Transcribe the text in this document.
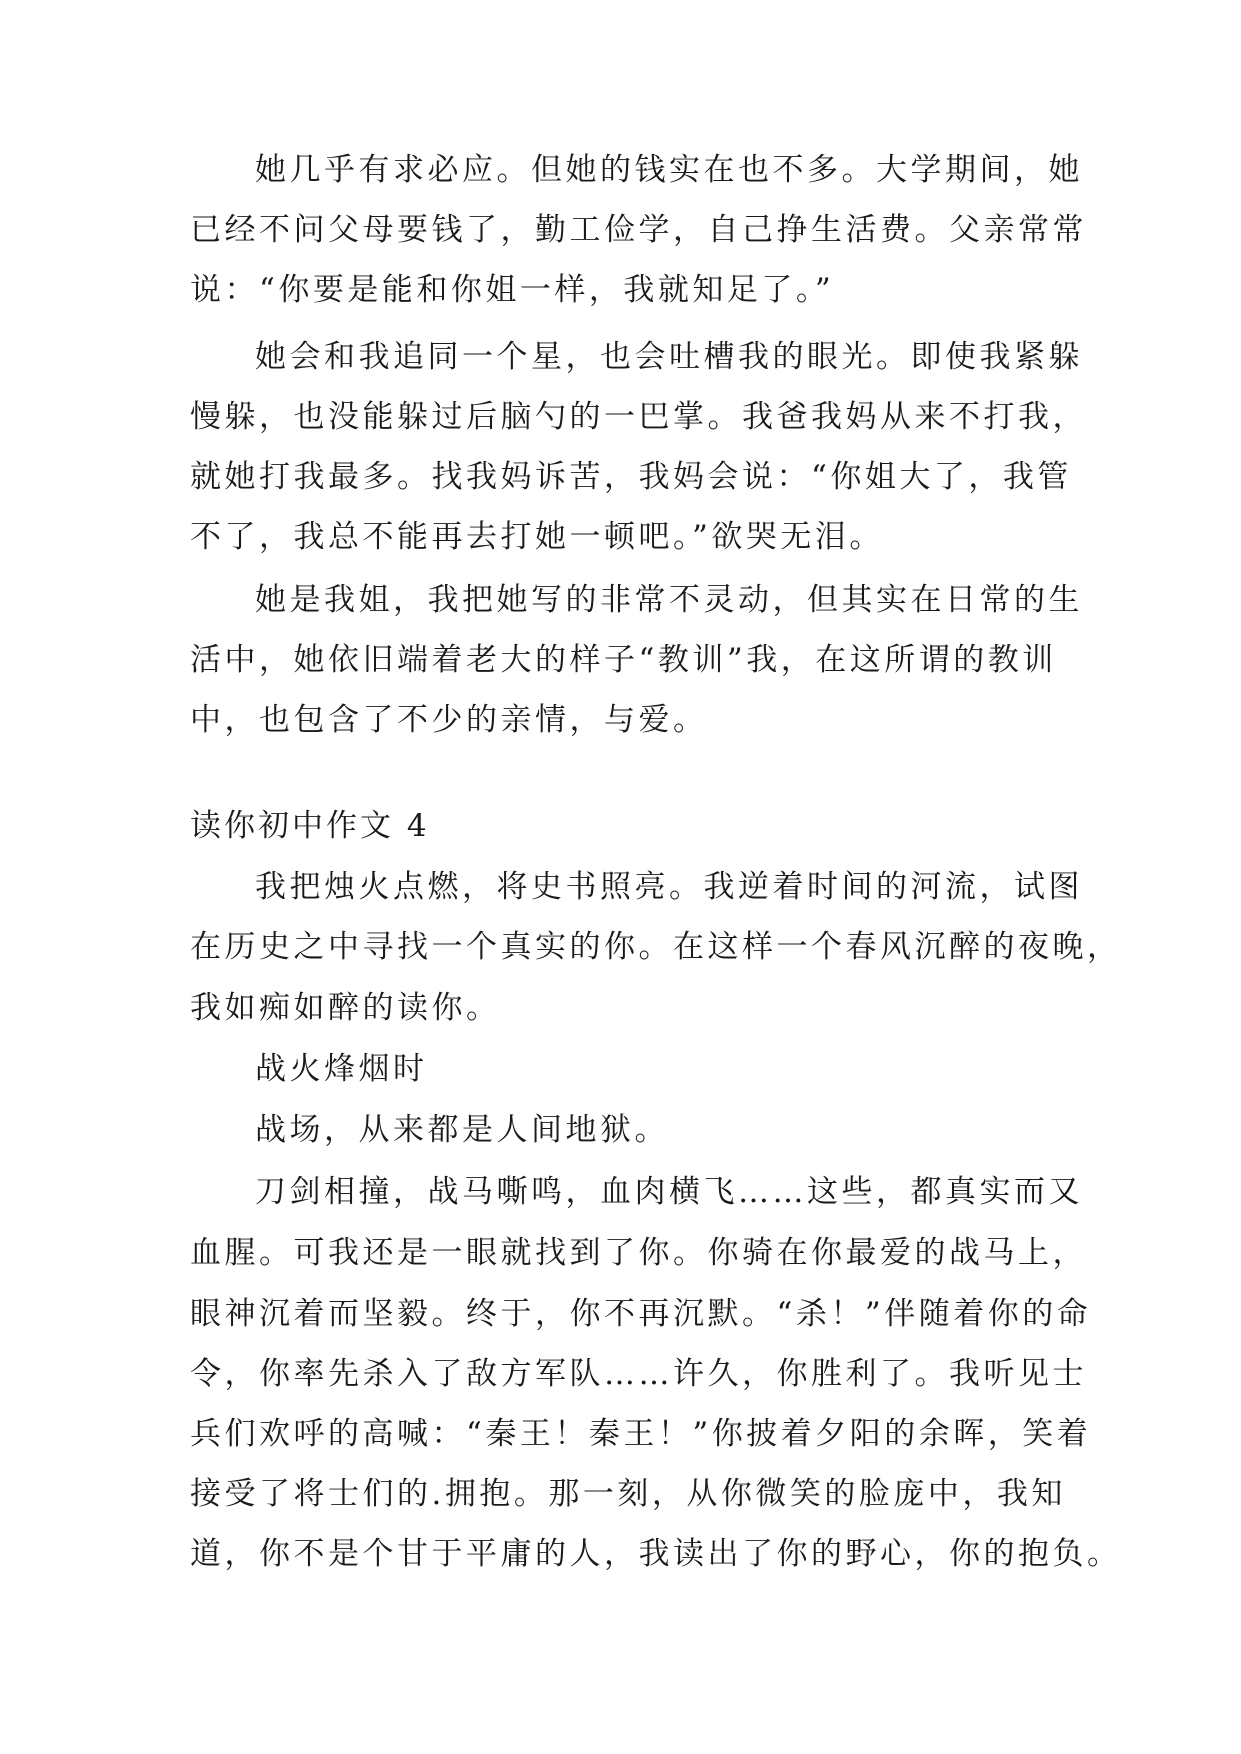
她几乎有求必应。但她的钱实在也不多。大学期间，她
已经不问父母要钱了，勤工俭学，自己挣生活费。父亲常常
说：“你要是能和你姐一样，我就知足了。”
她会和我追同一个星，也会吐槽我的眼光。即使我紧躲
慢躲，也没能躲过后脑勺的一巴掌。我爸我妈从来不打我，
就她打我最多。找我妈诉苦，我妈会说：“你姐大了，我管
不了，我总不能再去打她一顿吧。”欲哭无泪。
她是我姐，我把她写的非常不灵动，但其实在日常的生
活中，她依旧端着老大的样子“教训”我，在这所谓的教训
中，也包含了不少的亲情，与爱。
读你初中作文 4
我把烛火点燃，将史书照亮。我逆着时间的河流，试图
在历史之中寻找一个真实的你。在这样一个春风沉醉的夜晚，
我如痴如醉的读你。
战火烽烟时
战场，从来都是人间地狱。
刀剑相撞，战马嘶鸣，血肉横飞……这些，都真实而又
血腥。可我还是一眼就找到了你。你骑在你最爱的战马上，
眼神沉着而坚毅。终于，你不再沉默。“杀！”伴随着你的命
令，你率先杀入了敌方军队……许久，你胜利了。我听见士
兵们欢呼的高喊：“秦王！秦王！”你披着夕阳的余晖，笑着
接受了将士们的.拥抱。那一刻，从你微笑的脸庞中，我知
道，你不是个甘于平庸的人，我读出了你的野心，你的抱负。
